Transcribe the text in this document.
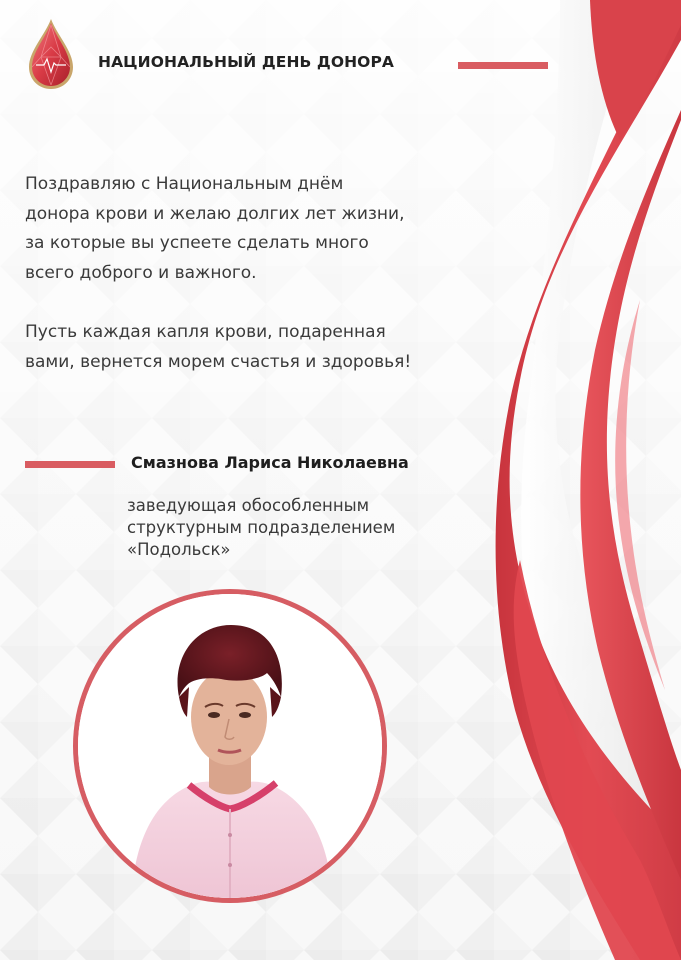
НАЦИОНАЛЬНЫЙ ДЕНЬ ДОНОРА

Поздравляю с Национальным днём
донора крови и желаю долгих лет жизни,
за которые вы успеете сделать много
всего доброго и важного.

Пусть каждая капля крови, подаренная
вами, вернется морем счастья и здоровья!

Смазнова Лариса Николаевна
заведующая обособленным
структурным подразделением
«Подольск»
